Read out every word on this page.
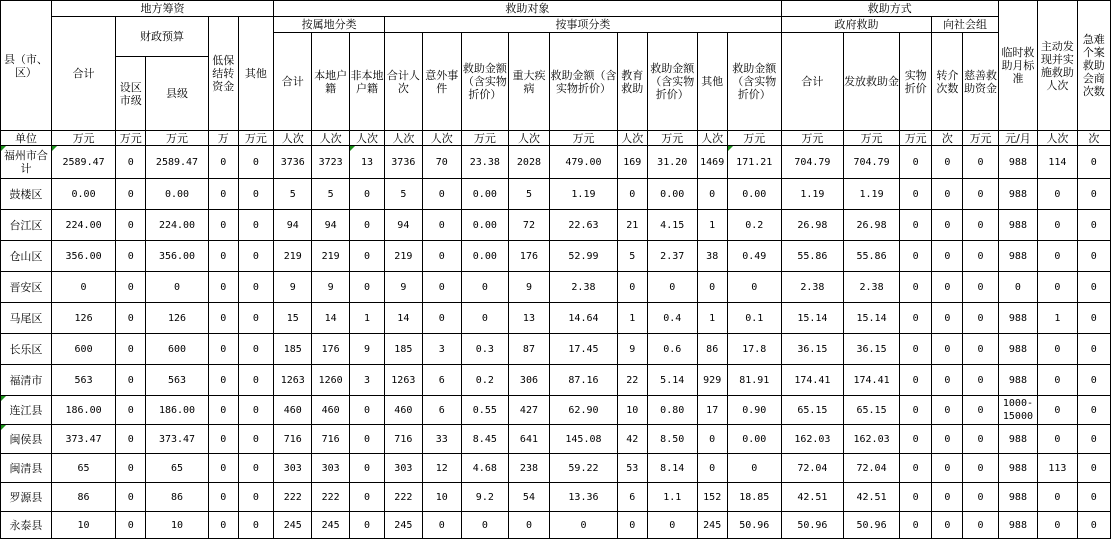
县（市、区）	地方筹资					救助对象												救助方式					临时救助月标准	主动发现并实施救助人次	急难个案救助会商次数
	合计	财政预算		低保结转资金	其他	按属地分类			按事项分类									政府救助			向社会组				
						合计	本地户籍	非本地户籍	合计人次	意外事件	救助金额（含实物折价）	重大疾病	救助金额（含实物折价）	教育救助	救助金额（含实物折价）	其他	救助金额（含实物折价）	合计	发放救助金	实物折价	转介次数	慈善救助资金			
		设区市级	县级																						
单位	万元	万元	万元	万	万元	人次	人次	人次	人次	人次	万元	人次	万元	人次	万元	人次	万元	万元	万元	万元	次	万元	元/月	人次	次
福州市合计	2589.47	0	2589.47	0	0	3736	3723	13	3736	70	23.38	2028	479.00	169	31.20	1469	171.21	704.79	704.79	0	0	0	988	114	0
鼓楼区	0.00	0	0.00	0	0	5	5	0	5	0	0.00	5	1.19	0	0.00	0	0.00	1.19	1.19	0	0	0	988	0	0
台江区	224.00	0	224.00	0	0	94	94	0	94	0	0.00	72	22.63	21	4.15	1	0.2	26.98	26.98	0	0	0	988	0	0
仓山区	356.00	0	356.00	0	0	219	219	0	219	0	0.00	176	52.99	5	2.37	38	0.49	55.86	55.86	0	0	0	988	0	0
晋安区	0	0	0	0	0	9	9	0	9	0	0	9	2.38	0	0	0	0	2.38	2.38	0	0	0	0	0	0
马尾区	126	0	126	0	0	15	14	1	14	0	0	13	14.64	1	0.4	1	0.1	15.14	15.14	0	0	0	988	1	0
长乐区	600	0	600	0	0	185	176	9	185	3	0.3	87	17.45	9	0.6	86	17.8	36.15	36.15	0	0	0	988	0	0
福清市	563	0	563	0	0	1263	1260	3	1263	6	0.2	306	87.16	22	5.14	929	81.91	174.41	174.41	0	0	0	988	0	0
连江县	186.00	0	186.00	0	0	460	460	0	460	6	0.55	427	62.90	10	0.80	17	0.90	65.15	65.15	0	0	0	1000-15000	0	0
闽侯县	373.47	0	373.47	0	0	716	716	0	716	33	8.45	641	145.08	42	8.50	0	0.00	162.03	162.03	0	0	0	988	0	0
闽清县	65	0	65	0	0	303	303	0	303	12	4.68	238	59.22	53	8.14	0	0	72.04	72.04	0	0	0	988	113	0
罗源县	86	0	86	0	0	222	222	0	222	10	9.2	54	13.36	6	1.1	152	18.85	42.51	42.51	0	0	0	988	0	0
永泰县	10	0	10	0	0	245	245	0	245	0	0	0	0	0	0	245	50.96	50.96	50.96	0	0	0	988	0	0
